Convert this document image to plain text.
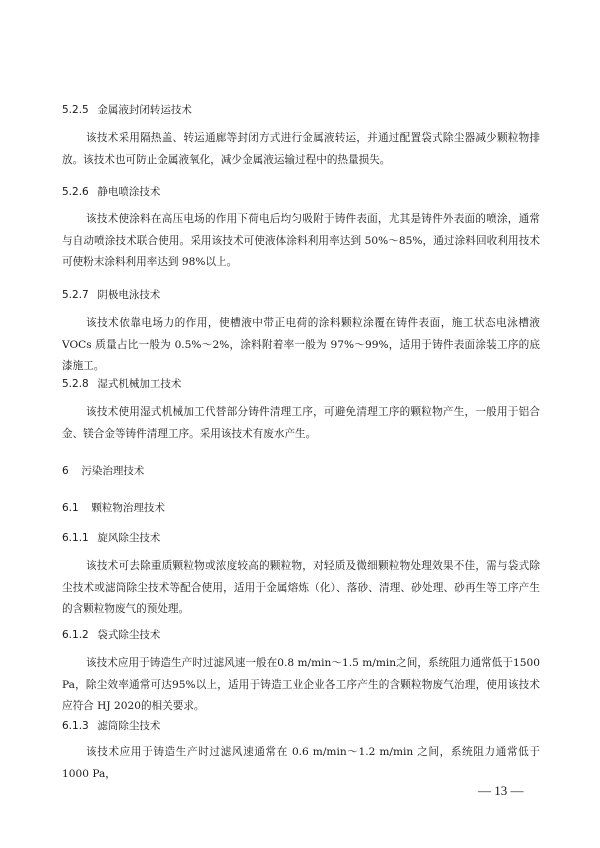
5.2.5 金属液封闭转运技术

该技术采用隔热盖、转运通廊等封闭方式进行金属液转运，并通过配置袋式除尘器减少颗粒物排放。该技术也可防止金属液氧化，减少金属液运输过程中的热量损失。

5.2.6 静电喷涂技术

该技术使涂料在高压电场的作用下荷电后均匀吸附于铸件表面，尤其是铸件外表面的喷涂，通常与自动喷涂技术联合使用。采用该技术可使液体涂料利用率达到 50%～85%，通过涂料回收利用技术可使粉末涂料利用率达到 98%以上。

5.2.7 阴极电泳技术

该技术依靠电场力的作用，使槽液中带正电荷的涂料颗粒涂覆在铸件表面，施工状态电泳槽液 VOCs 质量占比一般为 0.5%～2%，涂料附着率一般为 97%～99%，适用于铸件表面涂装工序的底漆施工。

5.2.8 湿式机械加工技术

该技术使用湿式机械加工代替部分铸件清理工序，可避免清理工序的颗粒物产生，一般用于铝合金、镁合金等铸件清理工序。采用该技术有废水产生。

6 污染治理技术
6.1 颗粒物治理技术
6.1.1 旋风除尘技术

该技术可去除重质颗粒物或浓度较高的颗粒物，对轻质及微细颗粒物处理效果不佳，需与袋式除尘技术或滤筒除尘技术等配合使用，适用于金属熔炼（化）、落砂、清理、砂处理、砂再生等工序产生的含颗粒物废气的预处理。

6.1.2 袋式除尘技术

该技术应用于铸造生产时过滤风速一般在0.8 m/min～1.5 m/min之间，系统阻力通常低于1500 Pa，除尘效率通常可达95%以上，适用于铸造工业企业各工序产生的含颗粒物废气治理，使用该技术应符合 HJ 2020的相关要求。

6.1.3 滤筒除尘技术

该技术应用于铸造生产时过滤风速通常在 0.6 m/min～1.2 m/min 之间，系统阻力通常低于 1000 Pa，

— 13 —
